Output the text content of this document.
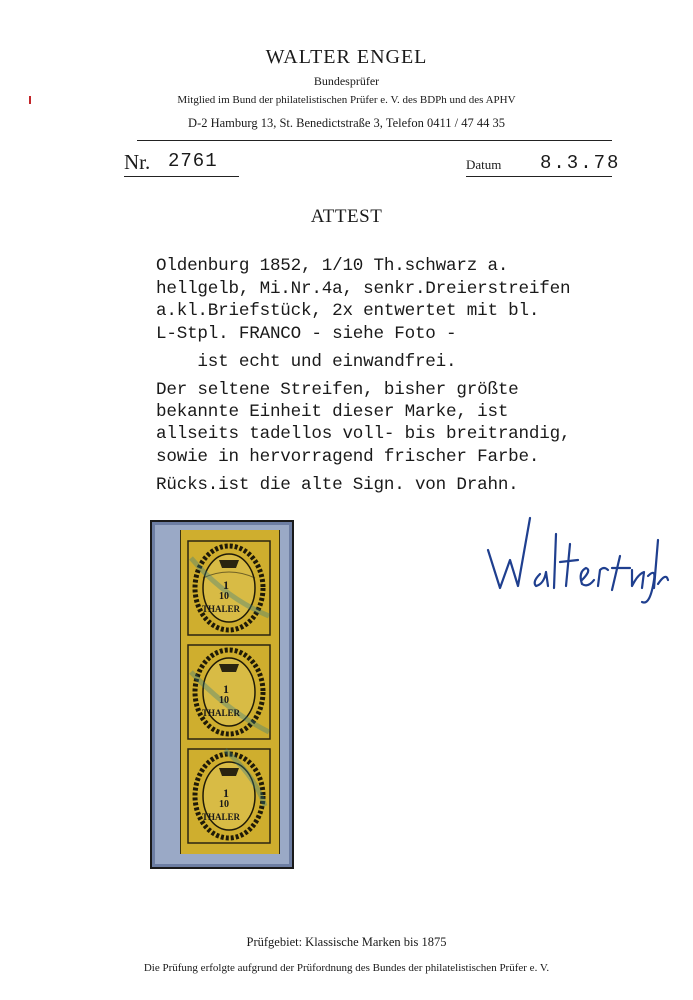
WALTER ENGEL
Bundesprüfer
Mitglied im Bund der philatelistischen Prüfer e. V. des BDPh und des APHV
D-2 Hamburg 13, St. Benedictstraße 3, Telefon 0411 / 47 44 35
Nr. 2761	Datum 8.3.78
ATTEST
Oldenburg 1852, 1/10 Th.schwarz a.
hellgelb, Mi.Nr.4a, senkr.Dreierstreifen
a.kl.Briefstück, 2x entwertet mit bl.
L-Stpl. FRANCO - siehe Foto -
ist echt und einwandfrei.
Der seltene Streifen, bisher größte
bekannte Einheit dieser Marke, ist
allseits tadellos voll- bis breitrandig,
sowie in hervorragend frischer Farbe.
Rücks.ist die alte Sign. von Drahn.
1
10
THALER
1
10
THALER
1
10
THALER
Prüfgebiet: Klassische Marken bis 1875
Die Prüfung erfolgte aufgrund der Prüfordnung des Bundes der philatelistischen Prüfer e. V.
